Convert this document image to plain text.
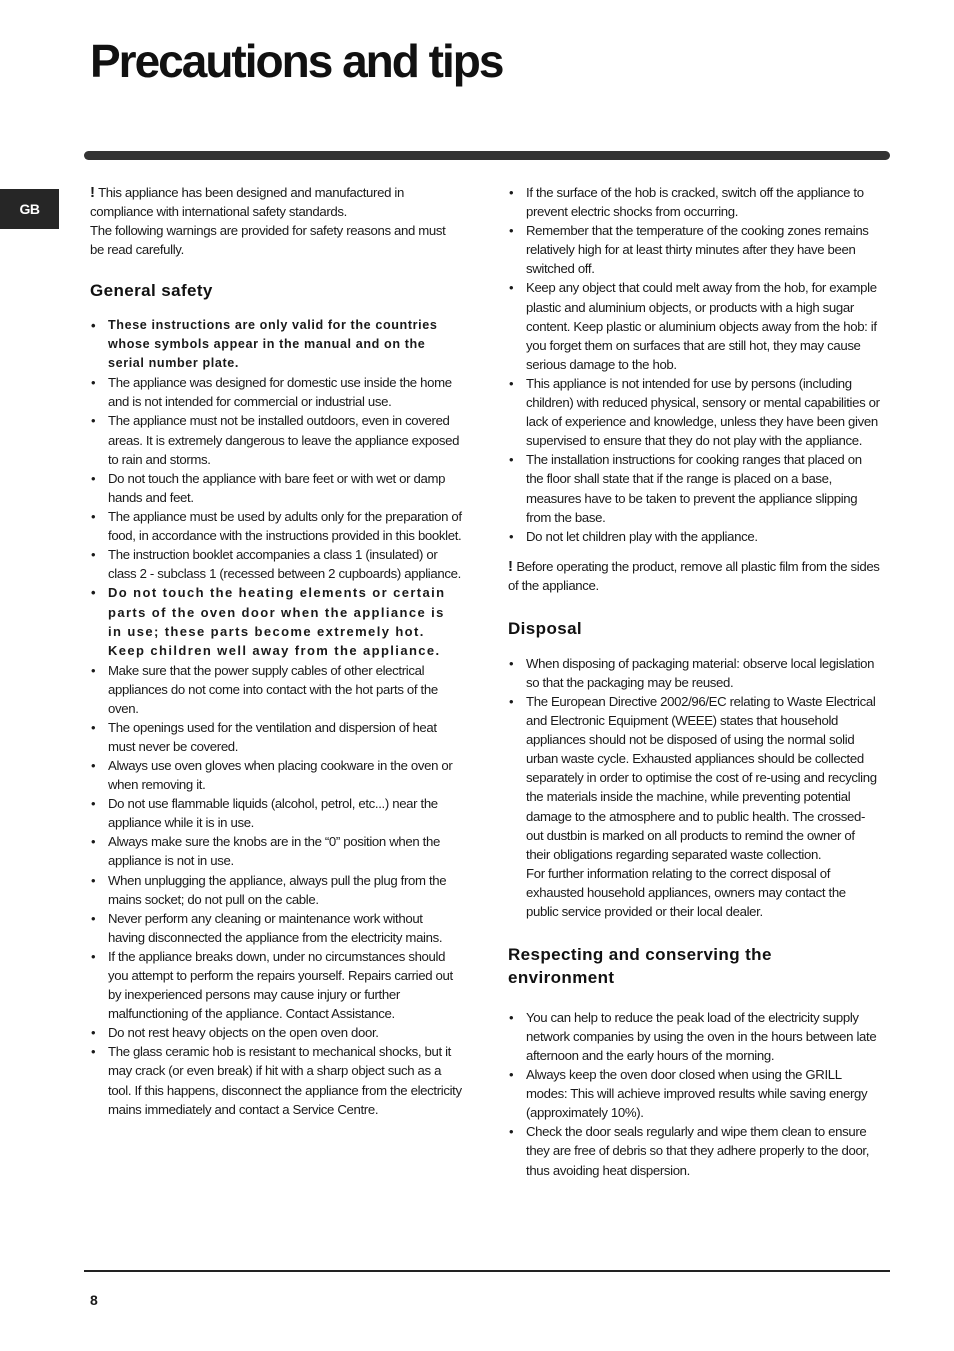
Precautions and tips
GB

! This appliance has been designed and manufactured in compliance with international safety standards.
The following warnings are provided for safety reasons and must be read carefully.

General safety
• These instructions are only valid for the countries whose symbols appear in the manual and on the serial number plate.
• The appliance was designed for domestic use inside the home and is not intended for commercial or industrial use.
• The appliance must not be installed outdoors, even in covered areas. It is extremely dangerous to leave the appliance exposed to rain and storms.
• Do not touch the appliance with bare feet or with wet or damp hands and feet.
• The appliance must be used by adults only for the preparation of food, in accordance with the instructions provided in this booklet.
• The instruction booklet accompanies a class 1 (insulated) or class 2 - subclass 1 (recessed between 2 cupboards) appliance.
• Do not touch the heating elements or certain parts of the oven door when the appliance is in use; these parts become extremely hot. Keep children well away from the appliance.
• Make sure that the power supply cables of other electrical appliances do not come into contact with the hot parts of the oven.
• The openings used for the ventilation and dispersion of heat must never be covered.
• Always use oven gloves when placing cookware in the oven or when removing it.
• Do not use flammable liquids (alcohol, petrol, etc...) near the appliance while it is in use.
• Always make sure the knobs are in the “0” position when the appliance is not in use.
• When unplugging the appliance, always pull the plug from the mains socket; do not pull on the cable.
• Never perform any cleaning or maintenance work without having disconnected the appliance from the electricity mains.
• If the appliance breaks down, under no circumstances should you attempt to perform the repairs yourself. Repairs carried out by inexperienced persons may cause injury or further malfunctioning of the appliance. Contact Assistance.
• Do not rest heavy objects on the open oven door.
• The glass ceramic hob is resistant to mechanical shocks, but it may crack (or even break) if hit with a sharp object such as a tool. If this happens, disconnect the appliance from the electricity mains immediately and contact a Service Centre.
• If the surface of the hob is cracked, switch off the appliance to prevent electric shocks from occurring.
• Remember that the temperature of the cooking zones remains relatively high for at least thirty minutes after they have been switched off.
• Keep any object that could melt away from the hob, for example plastic and aluminium objects, or products with a high sugar content. Keep plastic or aluminium objects away from the hob: if you forget them on surfaces that are still hot, they may cause serious damage to the hob.
• This appliance is not intended for use by persons (including children) with reduced physical, sensory or mental capabilities or lack of experience and knowledge, unless they have been given supervised to ensure that they do not play with the appliance.
• The installation instructions for cooking ranges that placed on the floor shall state that if the range is placed on a base, measures have to be taken to prevent the appliance slipping from the base.
• Do not let children play with the appliance.

! Before operating the product, remove all plastic film from the sides of the appliance.

Disposal
• When disposing of packaging material: observe local legislation so that the packaging may be reused.
• The European Directive 2002/96/EC relating to Waste Electrical and Electronic Equipment (WEEE) states that household appliances should not be disposed of using the normal solid urban waste cycle. Exhausted appliances should be collected separately in order to optimise the cost of re-using and recycling the materials inside the machine, while preventing potential damage to the atmosphere and to public health. The crossed-out dustbin is marked on all products to remind the owner of their obligations regarding separated waste collection.

For further information relating to the correct disposal of exhausted household appliances, owners may contact the public service provided or their local dealer.

Respecting and conserving the environment
• You can help to reduce the peak load of the electricity supply network companies by using the oven in the hours between late afternoon and the early hours of the morning.
• Always keep the oven door closed when using the GRILL modes: This will achieve improved results while saving energy (approximately 10%).
• Check the door seals regularly and wipe them clean to ensure they are free of debris so that they adhere properly to the door, thus avoiding heat dispersion.
8
